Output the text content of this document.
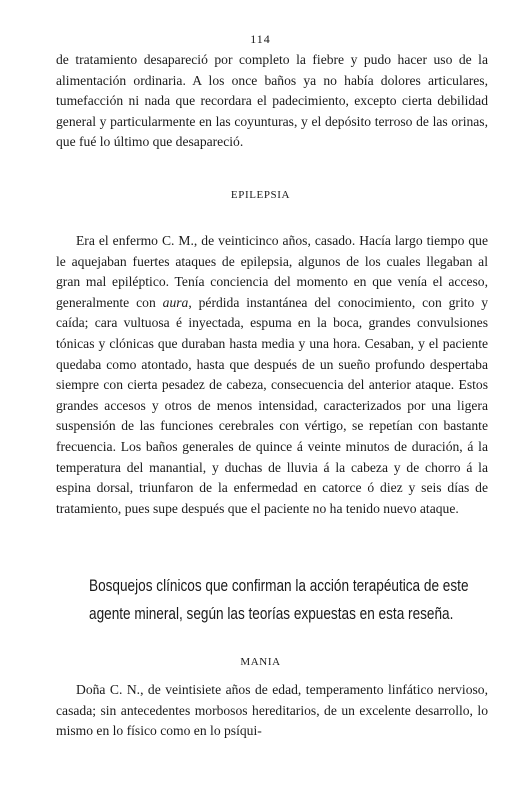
114

de tratamiento desapareció por completo la fiebre y pudo hacer uso de la alimentación ordinaria. A los once baños ya no había dolores articulares, tumefacción ni nada que recordara el padecimiento, excepto cierta debilidad general y particularmente en las coyunturas, y el depósito terroso de las orinas, que fué lo último que desapareció.

EPILEPSIA

Era el enfermo C. M., de veinticinco años, casado. Hacía largo tiempo que le aquejaban fuertes ataques de epilepsia, algunos de los cuales llegaban al gran mal epiléptico. Tenía conciencia del momento en que venía el acceso, generalmente con aura, pérdida instantánea del conocimiento, con grito y caída; cara vultuosa é inyectada, espuma en la boca, grandes convulsiones tónicas y clónicas que duraban hasta media y una hora. Cesaban, y el paciente quedaba como atontado, hasta que después de un sueño profundo despertaba siempre con cierta pesadez de cabeza, consecuencia del anterior ataque. Estos grandes accesos y otros de menos intensidad, caracterizados por una ligera suspensión de las funciones cerebrales con vértigo, se repetían con bastante frecuencia. Los baños generales de quince á veinte minutos de duración, á la temperatura del manantial, y duchas de lluvia á la cabeza y de chorro á la espina dorsal, triunfaron de la enfermedad en catorce ó diez y seis días de tratamiento, pues supe después que el paciente no ha tenido nuevo ataque.

Bosquejos clínicos que confirman la acción terapéutica de este
agente mineral, según las teorías expuestas en esta reseña.
MANIA

Doña C. N., de veintisiete años de edad, temperamento linfático nervioso, casada; sin antecedentes morbosos hereditarios, de un excelente desarrollo, lo mismo en lo físico como en lo psíqui-
